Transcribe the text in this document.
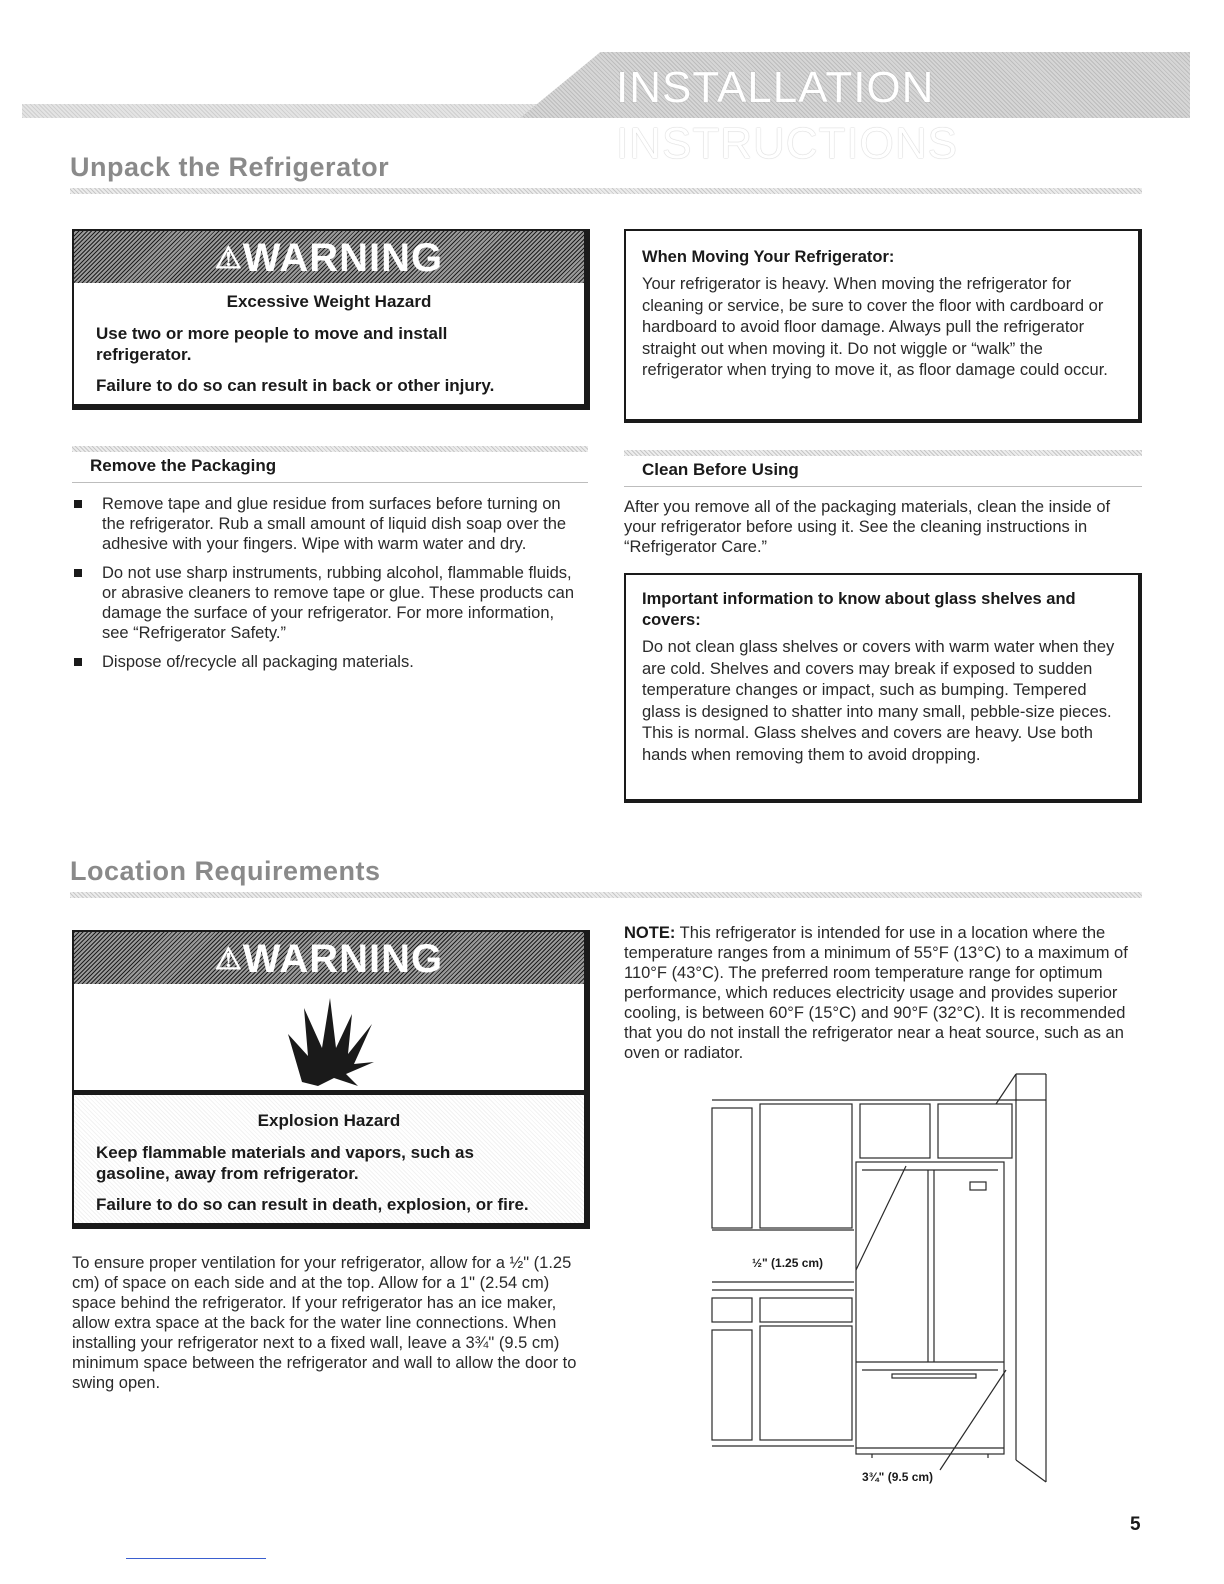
INSTALLATION INSTRUCTIONS
Unpack the Refrigerator
⚠WARNING
Excessive Weight Hazard
Use two or more people to move and install refrigerator.
Failure to do so can result in back or other injury.
When Moving Your Refrigerator:
Your refrigerator is heavy. When moving the refrigerator for cleaning or service, be sure to cover the floor with cardboard or hardboard to avoid floor damage. Always pull the refrigerator straight out when moving it. Do not wiggle or “walk” the refrigerator when trying to move it, as floor damage could occur.
Remove the Packaging
Remove tape and glue residue from surfaces before turning on the refrigerator. Rub a small amount of liquid dish soap over the adhesive with your fingers. Wipe with warm water and dry.
Do not use sharp instruments, rubbing alcohol, flammable fluids, or abrasive cleaners to remove tape or glue. These products can damage the surface of your refrigerator. For more information, see “Refrigerator Safety.”
Dispose of/recycle all packaging materials.
Clean Before Using
After you remove all of the packaging materials, clean the inside of your refrigerator before using it. See the cleaning instructions in “Refrigerator Care.”
Important information to know about glass shelves and covers:
Do not clean glass shelves or covers with warm water when they are cold. Shelves and covers may break if exposed to sudden temperature changes or impact, such as bumping. Tempered glass is designed to shatter into many small, pebble-size pieces. This is normal. Glass shelves and covers are heavy. Use both hands when removing them to avoid dropping.
Location Requirements
⚠WARNING
Explosion Hazard
Keep flammable materials and vapors, such as gasoline, away from refrigerator.
Failure to do so can result in death, explosion, or fire.
To ensure proper ventilation for your refrigerator, allow for a ½" (1.25 cm) of space on each side and at the top. Allow for a 1" (2.54 cm) space behind the refrigerator. If your refrigerator has an ice maker, allow extra space at the back for the water line connections. When installing your refrigerator next to a fixed wall, leave a 3¾" (9.5 cm) minimum space between the refrigerator and wall to allow the door to swing open.
NOTE: This refrigerator is intended for use in a location where the temperature ranges from a minimum of 55°F (13°C) to a maximum of 110°F (43°C). The preferred room temperature range for optimum performance, which reduces electricity usage and provides superior cooling, is between 60°F (15°C) and 90°F (32°C). It is recommended that you do not install the refrigerator near a heat source, such as an oven or radiator.
½" (1.25 cm)
3¾" (9.5 cm)
5
